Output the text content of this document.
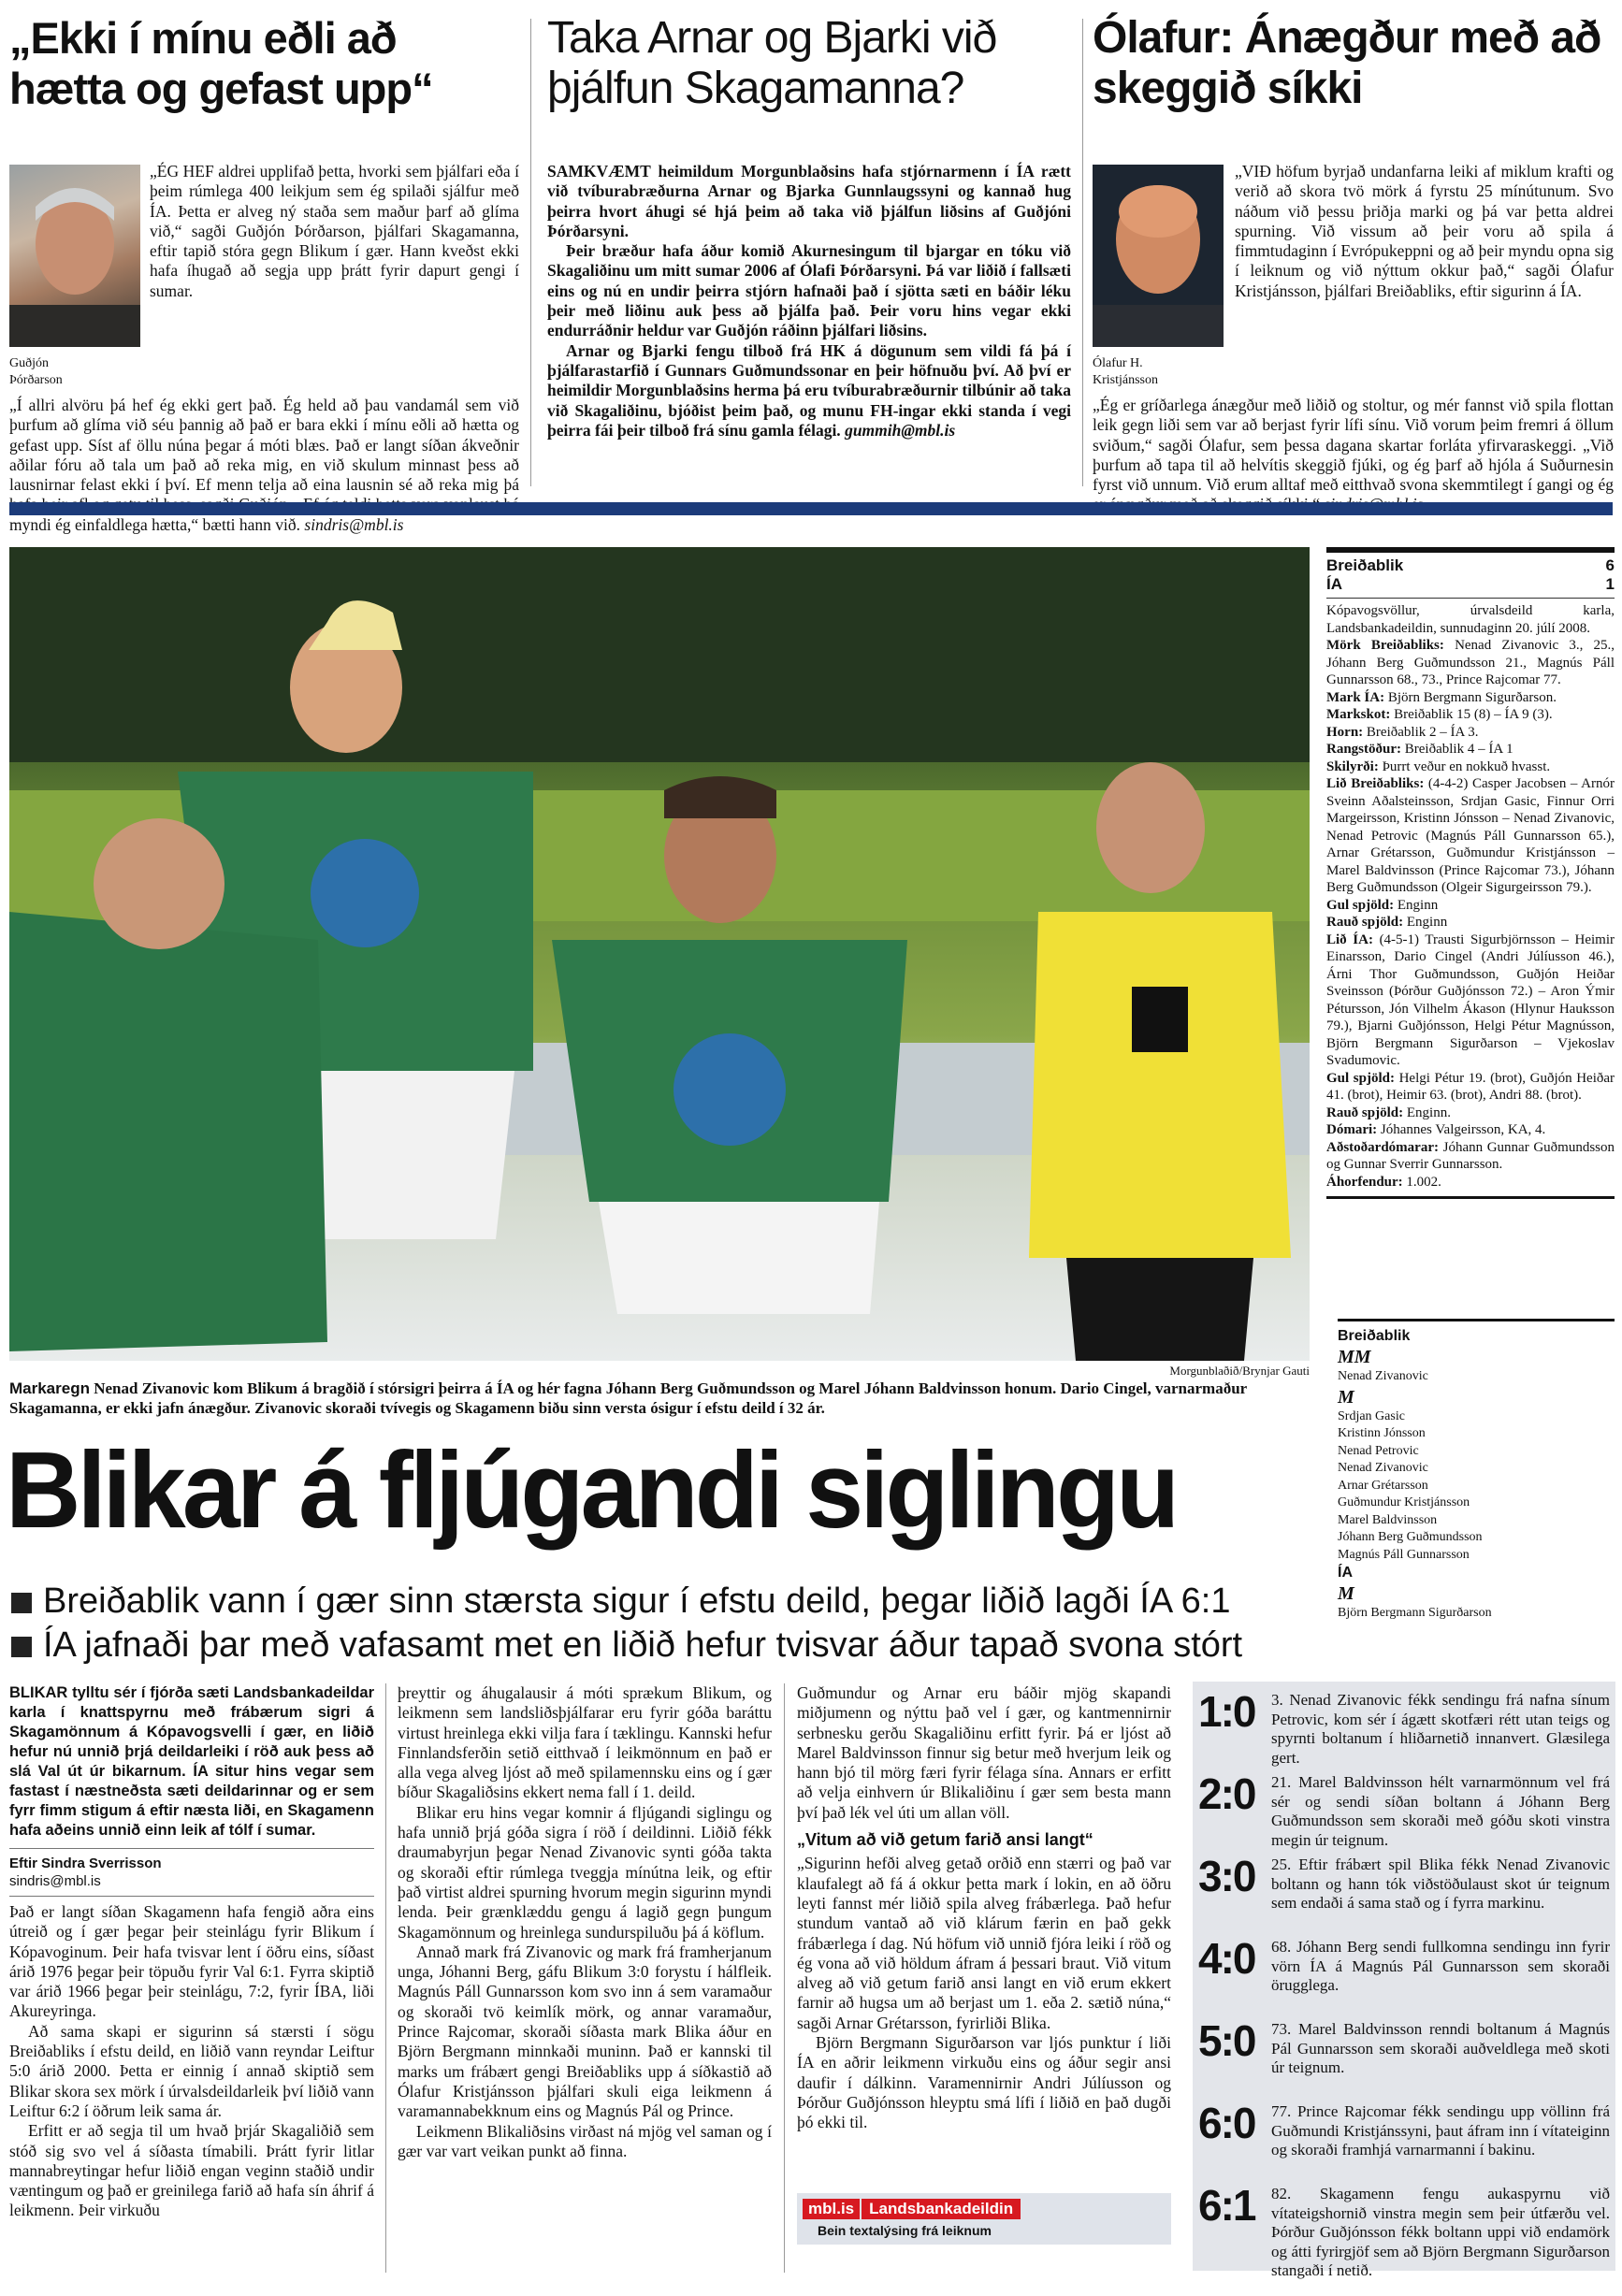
„Ekki í mínu eðli að hætta og gefast upp“
Taka Arnar og Bjarki við þjálfun Skagamanna?
Ólafur: Ánægður með að skeggið síkki
Guðjón Þórðarson
„ÉG HEF aldrei upplifað þetta, hvorki sem þjálfari eða í þeim rúmlega 400 leikjum sem ég spilaði sjálfur með ÍA. Þetta er alveg ný staða sem maður þarf að glíma við,“ sagði Guðjón Þórðarson, þjálfari Skagamanna, eftir tapið stóra gegn Blikum í gær. Hann kveðst ekki hafa íhugað að segja upp þrátt fyrir dapurt gengi í sumar.
„Í allri alvöru þá hef ég ekki gert það. Ég held að þau vandamál sem við þurfum að glíma við séu þannig að það er bara ekki í mínu eðli að hætta og gefast upp. Síst af öllu núna þegar á móti blæs. Það er langt síðan ákveðnir aðilar fóru að tala um það að reka mig, en við skulum minnast þess að lausnirnar felast ekki í því. Ef menn telja að eina lausnin sé að reka mig þá myndi ég einfaldlega hætta,“ bætti hann við. sindris@mbl.is
SAMKVÆMT heimildum Morgunblaðsins hafa stjórnarmenn í ÍA rætt við tvíburabræðurna Arnar og Bjarka Gunnlaugssyni og kannað hug þeirra hvort áhugi sé hjá þeim að taka við þjálfun liðsins af Guðjóni Þórðarsyni.
Þeir bræður hafa áður komið Akurnesingum til bjargar en tóku við Skagaliðinu um mitt sumar 2006 af Ólafi Þórðarsyni. Þá var liðið í fallsæti eins og nú en undir þeirra stjórn hafnaði það í sjötta sæti en báðir léku þeir með liðinu auk þess að þjálfa það. Þeir voru hins vegar ekki endurráðnir heldur var Guðjón ráðinn þjálfari liðsins.
Arnar og Bjarki fengu tilboð frá HK á dögunum sem vildi fá þá í þjálfarastarfið í Gunnars Guðmundssonar en þeir höfnuðu því. Að því er heimildir Morgunblaðsins herma þá eru tvíburabræðurnir tilbúnir að taka við Skagaliðinu, bjóðist þeim það, og munu FH-ingar ekki standa í vegi þeirra fái þeir tilboð frá sínu gamla félagi. gummih@mbl.is
Ólafur H. Kristjánsson
„VIÐ höfum byrjað undanfarna leiki af miklum krafti og verið að skora tvö mörk á fyrstu 25 mínútunum. Svo náðum við þessu þriðja marki og þá var þetta aldrei spurning. Við vissum að þeir voru að spila á fimmtudaginn í Evrópukeppni og að þeir myndu opna sig í leiknum og við nýttum okkur það,“ sagði Ólafur Kristjánsson, þjálfari Breiðabliks, eftir sigurinn á ÍA.
„Ég er gríðarlega ánægður með liðið og stoltur, og mér fannst við spila flottan leik gegn liði sem var að berjast fyrir lífi sínu. Við vorum þeim fremri á öllum sviðum,“ sagði Ólafur, sem þessa dagana skartar forláta yfirvaraskeggi. „Við þurfum að tapa til að helvítis skeggið fjúki, og ég þarf að hjóla á Suðurnesin fyrst við unnum. Við erum alltaf með eitthvað svona skemmtilegt í gangi og ég
Morgunblaðið/Brynjar Gauti
Markaregn Nenad Zivanovic kom Blikum á bragðið í stórsigri þeirra á ÍA og hér fagna Jóhann Berg Guðmundsson og Marel Jóhann Baldvinsson honum. Dario Cingel, varnarmaður Skagamanna, er ekki jafn ánægður. Zivanovic skoraði tvívegis og Skagamenn biðu sinn versta ósigur í efstu deild í 32 ár.
Breiðablik	6
ÍA	1
Kópavogsvöllur, úrvalsdeild karla, Landsbankadeildin, sunnudaginn 20. júlí 2008.
Mörk Breiðabliks: Nenad Zivanovic 3., 25., Jóhann Berg Guðmundsson 21., Magnús Páll Gunnarsson 68., 73., Prince Rajcomar 77.
Mark ÍA: Björn Bergmann Sigurðarson.
Markskot: Breiðablik 15 (8) – ÍA 9 (3).
Horn: Breiðablik 2 – ÍA 3.
Rangstöður: Breiðablik 4 – ÍA 1
Skilyrði: Þurrt veður en nokkuð hvasst.
Lið Breiðabliks: (4-4-2) Casper Jacobsen – Arnór Sveinn Aðalsteinsson, Srdjan Gasic, Finnur Orri Margeirsson, Kristinn Jónsson – Nenad Zivanovic, Nenad Petrovic (Magnús Páll Gunnarsson 65.), Arnar Grétarsson, Guðmundur Kristjánsson – Marel Baldvinsson (Prince Rajcomar 73.), Jóhann Berg Guðmundsson (Olgeir Sigurgeirsson 79.).
Gul spjöld: Enginn
Rauð spjöld: Enginn
Lið ÍA: (4-5-1) Trausti Sigurbjörnsson – Heimir Einarsson, Dario Cingel (Andri Júlíusson 46.), Árni Thor Guðmundsson, Guðjón Heiðar Sveinsson (Þórður Guðjónsson 72.) – Aron Ýmir Pétursson, Jón Vilhelm Ákason (Hlynur Hauksson 79.), Bjarni Guðjónsson, Helgi Pétur Magnússon, Björn Bergmann Sigurðarson – Vjekoslav Svadumovic.
Gul spjöld: Helgi Pétur 19. (brot), Guðjón Heiðar 41. (brot), Heimir 63. (brot), Andri 88. (brot).
Rauð spjöld: Enginn.
Dómari: Jóhannes Valgeirsson, KA, 4.
Aðstoðardómarar: Jóhann Gunnar Guðmundsson og Gunnar Sverrir Gunnarsson.
Áhorfendur: 1.002.
Breiðablik
MM
Nenad Zivanovic
M
Srdjan Gasic
Kristinn Jónsson
Nenad Petrovic
Nenad Zivanovic
Arnar Grétarsson
Guðmundur Kristjánsson
Marel Baldvinsson
Jóhann Berg Guðmundsson
Magnús Páll Gunnarsson
ÍA
M
Björn Bergmann Sigurðarson
Blikar á fljúgandi siglingu
Breiðablik vann í gær sinn stærsta sigur í efstu deild, þegar liðið lagði ÍA 6:1
ÍA jafnaði þar með vafasamt met en liðið hefur tvisvar áður tapað svona stórt
BLIKAR tylltu sér í fjórða sæti Landsbankadeildar karla í knattspyrnu með frábærum sigri á Skagamönnum á Kópavogsvelli í gær, en liðið hefur nú unnið þrjá deildarleiki í röð auk þess að slá Val út úr bikarnum. ÍA situr hins vegar sem fastast í næstneðsta sæti deildarinnar og er sem fyrr fimm stigum á eftir næsta liði, en Skagamenn hafa aðeins unnið einn leik af tólf í sumar.
Eftir Sindra Sverrisson
sindris@mbl.is
Það er langt síðan Skagamenn hafa fengið aðra eins útreið og í gær þegar þeir steinlágu fyrir Blikum í Kópavoginum. Þeir hafa tvisvar lent í öðru eins, síðast árið 1976 þegar þeir töpuðu fyrir Val 6:1. Fyrra skiptið var árið 1966 þegar þeir steinlágu, 7:2, fyrir ÍBA, liði Akureyringa.
Að sama skapi er sigurinn sá stærsti í sögu Breiðabliks í efstu deild, en liðið vann reyndar Leiftur 5:0 árið 2000. Þetta er einnig í annað skiptið sem Blikar skora sex mörk í úrvalsdeildarleik því liðið vann Leiftur 6:2 í öðrum leik sama ár.
Erfitt er að segja til um hvað þrjár Skagaliðið sem stóð sig svo vel á síðasta tímabili. Þrátt fyrir litlar mannabreytingar hefur liðið engan veginn staðið undir væntingum og það er greinilega farið að hafa sín áhrif á leikmenn. Þeir virkuðu
þreyttir og áhugalausir á móti sprækum Blikum, og leikmenn sem landsliðsþjálfarar eru fyrir góða baráttu virtust hreinlega ekki vilja fara í tæklingu. Kannski hefur Finnlandsferðin setið eitthvað í leikmönnum en það er alla vega alveg ljóst að með spilamennsku eins og í gær bíður Skagaliðsins ekkert nema fall í 1. deild.
Blikar eru hins vegar komnir á fljúgandi siglingu og hafa unnið þrjá góða sigra í röð í deildinni. Liðið fékk draumabyrjun þegar Nenad Zivanovic synti góða takta og skoraði eftir rúmlega tveggja mínútna leik, og eftir það virtist aldrei spurning hvorum megin sigurinn myndi lenda. Þeir grænklæddu gengu á lagið gegn þungum Skagamönnum og hreinlega sundurspiluðu þá á köflum.
Annað mark frá Zivanovic og mark frá framherjanum unga, Jóhanni Berg, gáfu Blikum 3:0 forystu í hálfleik. Magnús Páll Gunnarsson kom svo inn á sem varamaður og skoraði tvö keimlík mörk, og annar varamaður, Prince Rajcomar, skoraði síðasta mark Blika áður en Björn Bergmann minnkaði muninn. Það er kannski til marks um frábært gengi Breiðabliks upp á síðkastið að Ólafur Kristjánsson þjálfari skuli eiga leikmenn á varamannabekknum eins og Magnús Pál og Prince.
Leikmenn Blikaliðsins virðast ná mjög vel saman og í gær var vart veikan punkt að finna.
Guðmundur og Arnar eru báðir mjög skapandi miðjumenn og nýttu það vel í gær, og kantmennirnir serbnesku gerðu Skagaliðinu erfitt fyrir. Þá er ljóst að Marel Baldvinsson finnur sig betur með hverjum leik og hann bjó til mörg færi fyrir félaga sína. Annars er erfitt að velja einhvern úr Blikaliðinu í gær sem besta mann því það lék vel úti um allan völl.
„Vitum að við getum farið ansi langt“
„Sigurinn hefði alveg getað orðið enn stærri og það var klaufalegt að fá á okkur þetta mark í lokin, en að öðru leyti fannst mér liðið spila alveg frábærlega. Það hefur stundum vantað að við klárum færin en það gekk frábærlega í dag. Nú höfum við unnið fjóra leiki í röð og ég vona að við höldum áfram á þessari braut. Við vitum alveg að við getum farið ansi langt en við erum ekkert farnir að hugsa um að berjast um 1. eða 2. sætið núna,“ sagði Arnar Grétarsson, fyrirliði Blika.
Björn Bergmann Sigurðarson var ljós punktur í liði ÍA en aðrir leikmenn virkuðu eins og áður segir ansi daufir í dálkinn. Varamennirnir Andri Júlíusson og Þórður Guðjónsson hleyptu smá lífi í liðið en það dugði þó ekki til.
mbl.is Landsbankadeildin
Bein textalýsing frá leiknum
1:0	3. Nenad Zivanovic fékk sendingu frá nafna sínum Petrovic, kom sér í ágætt skotfæri rétt utan teigs og spyrnti boltanum í hliðarnetið innanvert. Glæsilega gert.
2:0	21. Marel Baldvinsson hélt varnarmönnum vel frá sér og sendi síðan boltann á Jóhann Berg Guðmundsson sem skoraði með góðu skoti vinstra megin úr teignum.
3:0	25. Eftir frábært spil Blika fékk Nenad Zivanovic boltann og hann tók viðstöðulaust skot úr teignum sem endaði á sama stað og í fyrra markinu.
4:0	68. Jóhann Berg sendi fullkomna sendingu inn fyrir vörn ÍA á Magnús Pál Gunnarsson sem skoraði örugglega.
5:0	73. Marel Baldvinsson renndi boltanum á Magnús Pál Gunnarsson sem skoraði auðveldlega með skoti úr teignum.
6:0	77. Prince Rajcomar fékk sendingu upp völlinn frá Guðmundi Kristjánssyni, þaut áfram inn í vítateiginn og skoraði framhjá varnarmanni í bakinu.
6:1	82. Skagamenn fengu aukaspyrnu við vítateigshornið vinstra megin sem þeir útfærðu vel. Þórður Guðjónsson fékk boltann uppi við endamörk og átti fyrirgjöf sem að Björn Bergmann Sigurðarson stangaði í netið.
